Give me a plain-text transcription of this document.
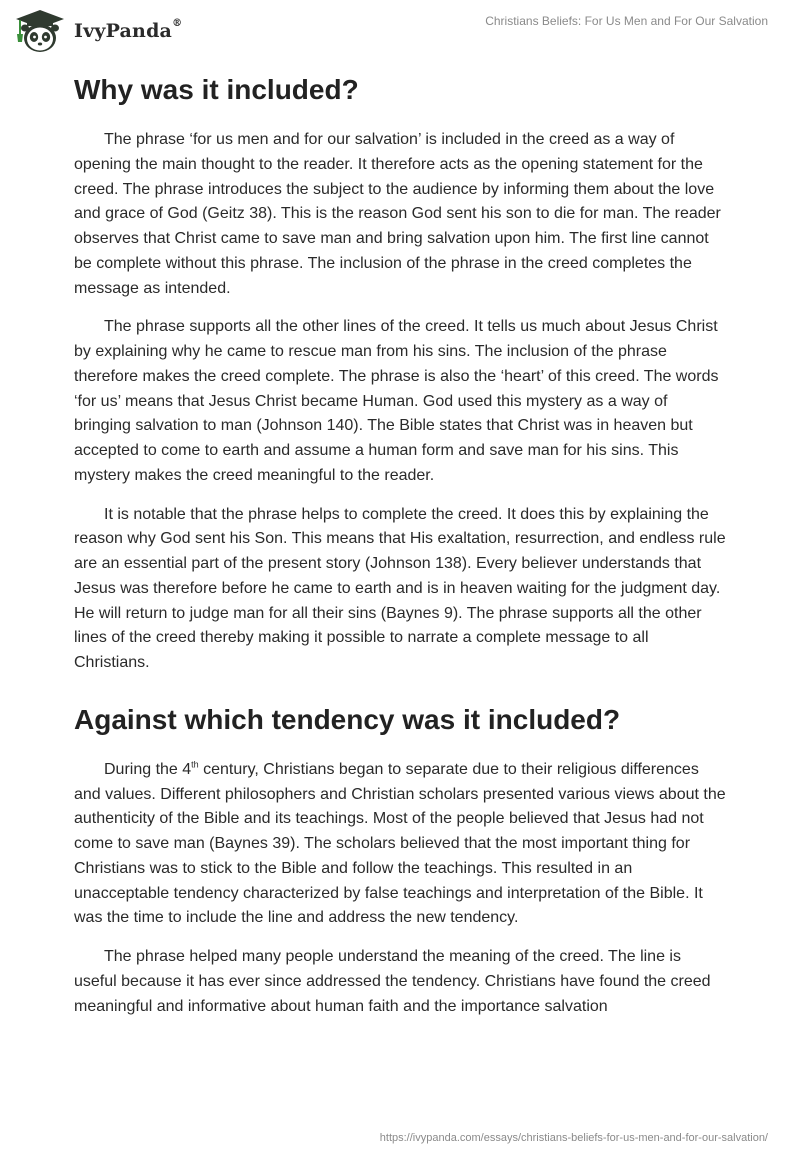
IvyPanda®	Christians Beliefs: For Us Men and For Our Salvation
Why was it included?

The phrase ‘for us men and for our salvation’ is included in the creed as a way of opening the main thought to the reader. It therefore acts as the opening statement for the creed. The phrase introduces the subject to the audience by informing them about the love and grace of God (Geitz 38). This is the reason God sent his son to die for man. The reader observes that Christ came to save man and bring salvation upon him. The first line cannot be complete without this phrase. The inclusion of the phrase in the creed completes the message as intended.

The phrase supports all the other lines of the creed. It tells us much about Jesus Christ by explaining why he came to rescue man from his sins. The inclusion of the phrase therefore makes the creed complete. The phrase is also the ‘heart’ of this creed. The words ‘for us’ means that Jesus Christ became Human. God used this mystery as a way of bringing salvation to man (Johnson 140). The Bible states that Christ was in heaven but accepted to come to earth and assume a human form and save man for his sins. This mystery makes the creed meaningful to the reader.

It is notable that the phrase helps to complete the creed. It does this by explaining the reason why God sent his Son. This means that His exaltation, resurrection, and endless rule are an essential part of the present story (Johnson 138). Every believer understands that Jesus was therefore before he came to earth and is in heaven waiting for the judgment day. He will return to judge man for all their sins (Baynes 9). The phrase supports all the other lines of the creed thereby making it possible to narrate a complete message to all Christians.

Against which tendency was it included?

During the 4th century, Christians began to separate due to their religious differences and values. Different philosophers and Christian scholars presented various views about the authenticity of the Bible and its teachings. Most of the people believed that Jesus had not come to save man (Baynes 39). The scholars believed that the most important thing for Christians was to stick to the Bible and follow the teachings. This resulted in an unacceptable tendency characterized by false teachings and interpretation of the Bible. It was the time to include the line and address the new tendency.

The phrase helped many people understand the meaning of the creed. The line is useful because it has ever since addressed the tendency. Christians have found the creed meaningful and informative about human faith and the importance salvation

https://ivypanda.com/essays/christians-beliefs-for-us-men-and-for-our-salvation/
